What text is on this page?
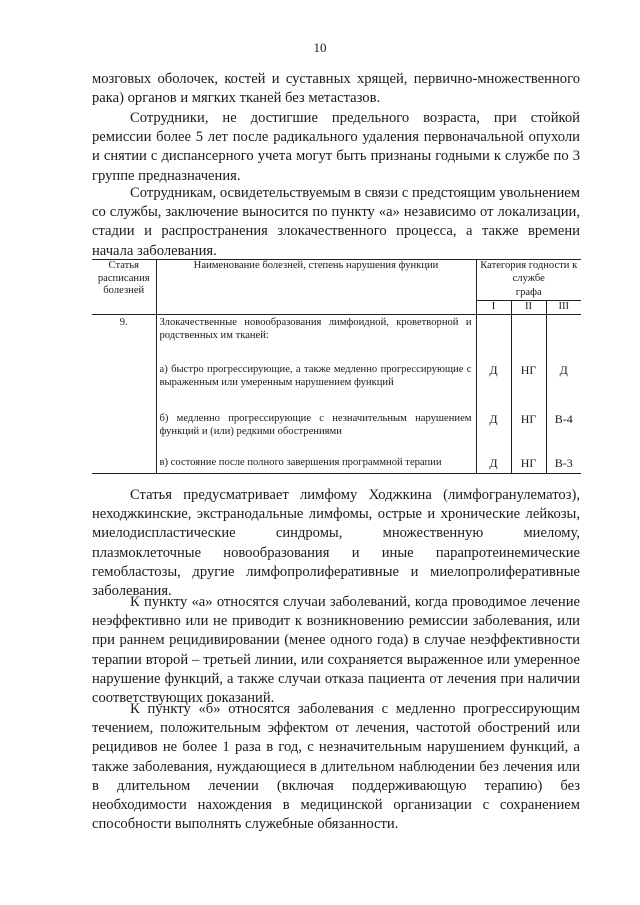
10

мозговых оболочек, костей и суставных хрящей, первично-множественного рака) органов и мягких тканей без метастазов.

Сотрудники, не достигшие предельного возраста, при стойкой ремиссии более 5 лет после радикального удаления первоначальной опухоли и снятии с диспансерного учета могут быть признаны годными к службе по 3 группе предназначения.

Сотрудникам, освидетельствуемым в связи с предстоящим увольнением со службы, заключение выносится по пункту «а» независимо от локализации, стадии и распространения злокачественного процесса, а также времени начала заболевания.

Статья расписания болезней	Наименование болезней, степень нарушения функции	Категория годности к службе		
		графа		
		I	II	III
9.	Злокачественные новообразования лимфоидной, кроветворной и родственных им тканей:			
	а) быстро прогрессирующие, а также медленно прогрессирующие с выраженным или умеренным нарушением функций	Д	НГ	Д
	б) медленно прогрессирующие с незначительным нарушением функций и (или) редкими обострениями	Д	НГ	В-4
	в) состояние после полного завершения программной терапии	Д	НГ	В-3

Статья предусматривает лимфому Ходжкина (лимфогранулематоз), неходжкинские, экстранодальные лимфомы, острые и хронические лейкозы, миелодиспластические синдромы, множественную миелому, плазмоклеточные новообразования и иные парапротеинемические гемобластозы, другие лимфопролиферативные и миелопролиферативные заболевания.

К пункту «а» относятся случаи заболеваний, когда проводимое лечение неэффективно или не приводит к возникновению ремиссии заболевания, или при раннем рецидивировании (менее одного года) в случае неэффективности терапии второй – третьей линии, или сохраняется выраженное или умеренное нарушение функций, а также случаи отказа пациента от лечения при наличии соответствующих показаний.

К пункту «б» относятся заболевания с медленно прогрессирующим течением, положительным эффектом от лечения, частотой обострений или рецидивов не более 1 раза в год, с незначительным нарушением функций, а также заболевания, нуждающиеся в длительном наблюдении без лечения или в длительном лечении (включая поддерживающую терапию) без необходимости нахождения в медицинской организации с сохранением способности выполнять служебные обязанности.
